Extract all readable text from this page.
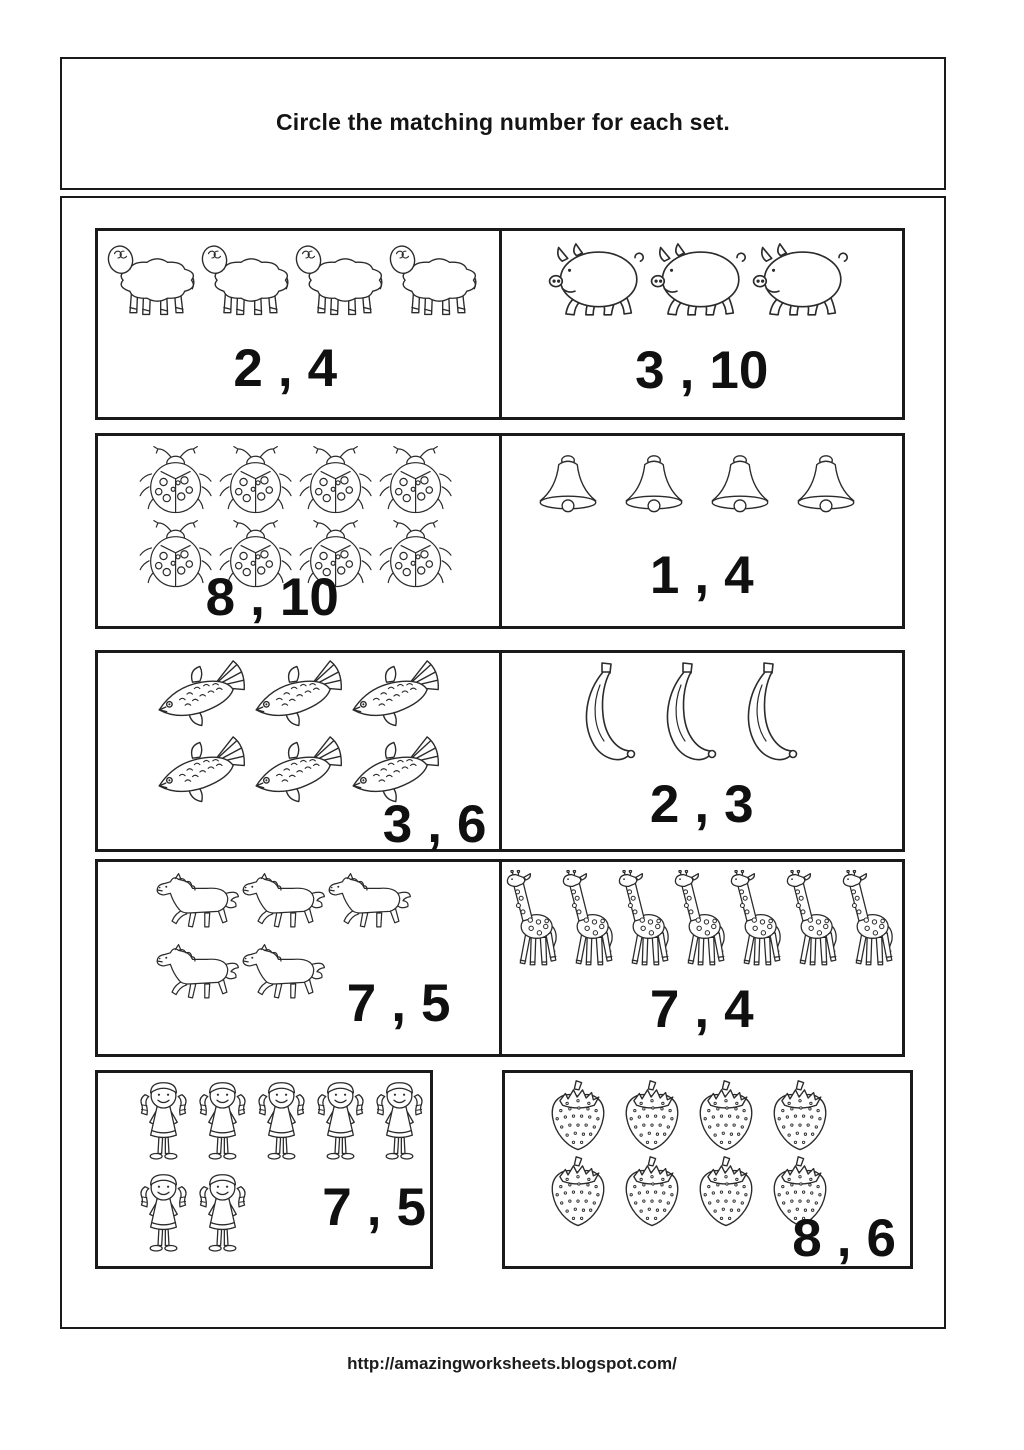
Circle the matching number for each set.
2 , 4	3 , 10
8 , 10	1 , 4
3 , 6	2 , 3
7 , 5	7 , 4
7 , 5
8 , 6
http://amazingworksheets.blogspot.com/
